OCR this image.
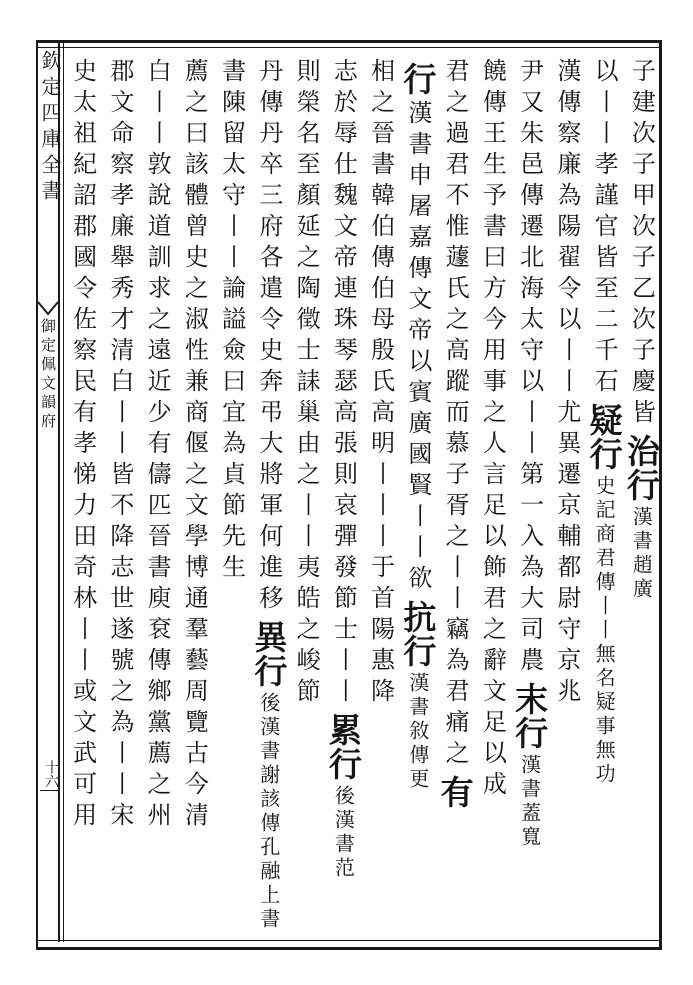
欽定四庫全書
御定佩文韻府
十六
子建次子甲次子乙次子慶皆
治行
漢書趙廣
以丨丨孝謹官皆至二千石
疑行
史記商君傳丨丨無名疑事無功
漢傳察廉為陽翟令以丨丨尤異遷京輔都尉守京兆
尹又朱邑傳遷北海太守以丨丨第一入為大司農
末行
漢書蓋寬
饒傳王生予書曰方今用事之人言足以飾君之辭文足以成
君之過君不惟蘧氏之高蹤而慕子胥之丨丨竊為君痛之
有
行
漢書申屠嘉傳文帝以賓廣國賢丨丨欲
抗行
漢書敘傳更
相之晉書韓伯傳伯母殷氏高明丨丨丨于首陽惠降
志於辱仕魏文帝連珠琴瑟高張則哀彈發節士丨丨
累行
後漢書范
則榮名至顏延之陶徵士誄巢由之丨丨夷皓之峻節
丹傳丹卒三府各遣令史奔弔大將軍何進移
異行
後漢書謝該傳孔融上書
書陳留太守丨丨論謚僉曰宜為貞節先生
薦之曰該體曾史之淑性兼商偃之文學博通羣藝周覽古今清
白丨丨敦說道訓求之遠近少有儔匹晉書庾袞傳鄉黨薦之州
郡文命察孝廉舉秀才清白丨丨皆不降志世遂號之為丨丨宋
史太祖紀詔郡國令佐察民有孝悌力田奇林丨丨或文武可用
